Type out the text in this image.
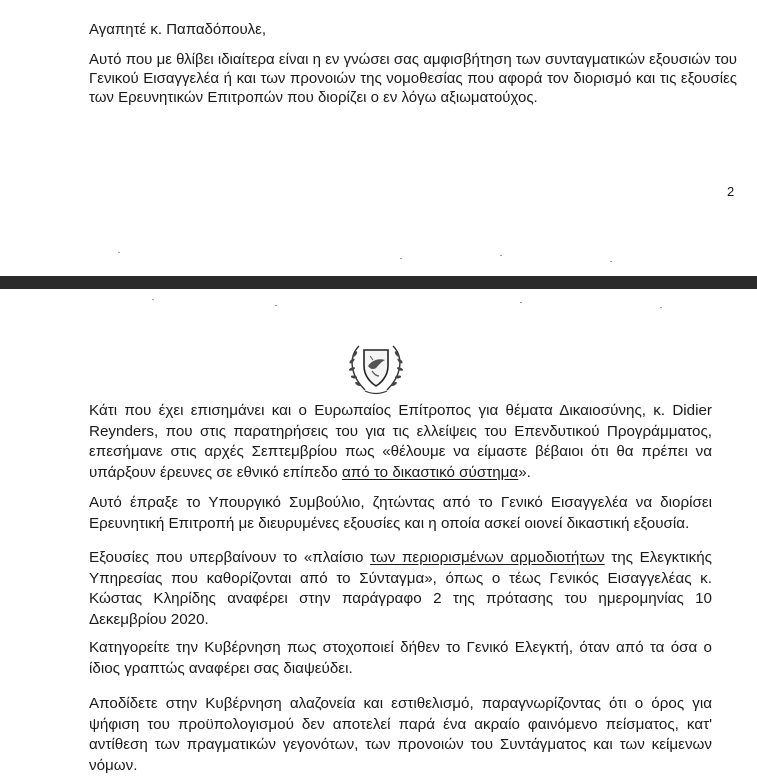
Αγαπητέ κ. Παπαδόπουλε,
Αυτό που με θλίβει ιδιαίτερα είναι η εν γνώσει σας αμφισβήτηση των συνταγματικών εξουσιών του Γενικού Εισαγγελέα ή και των προνοιών της νομοθεσίας που αφορά τον διορισμό και τις εξουσίες των Ερευνητικών Επιτροπών που διορίζει ο εν λόγω αξιωματούχος.
2
Κάτι που έχει επισημάνει και ο Ευρωπαίος Επίτροπος για θέματα Δικαιοσύνης, κ. Didier Reynders, που στις παρατηρήσεις του για τις ελλείψεις του Επενδυτικού Προγράμματος, επεσήμανε στις αρχές Σεπτεμβρίου πως «θέλουμε να είμαστε βέβαιοι ότι θα πρέπει να υπάρξουν έρευνες σε εθνικό επίπεδο από το δικαστικό σύστημα».
Αυτό έπραξε το Υπουργικό Συμβούλιο, ζητώντας από το Γενικό Εισαγγελέα να διορίσει Ερευνητική Επιτροπή με διευρυμένες εξουσίες και η οποία ασκεί οιονεί δικαστική εξουσία.
Εξουσίες που υπερβαίνουν το «πλαίσιο των περιορισμένων αρμοδιοτήτων της Ελεγκτικής Υπηρεσίας που καθορίζονται από το Σύνταγμα», όπως ο τέως Γενικός Εισαγγελέας κ. Κώστας Κληρίδης αναφέρει στην παράγραφο 2 της πρότασης του ημερομηνίας 10 Δεκεμβρίου 2020.
Κατηγορείτε την Κυβέρνηση πως στοχοποιεί δήθεν το Γενικό Ελεγκτή, όταν από τα όσα ο ίδιος γραπτώς αναφέρει σας διαψεύδει.
Αποδίδετε στην Κυβέρνηση αλαζονεία και εστιθελισμό, παραγνωρίζοντας ότι ο όρος για ψήφιση του προϋπολογισμού δεν αποτελεί παρά ένα ακραίο φαινόμενο πείσματος, κατ' αντίθεση των πραγματικών γεγονότων, των προνοιών του Συντάγματος και των κείμενων νόμων.
